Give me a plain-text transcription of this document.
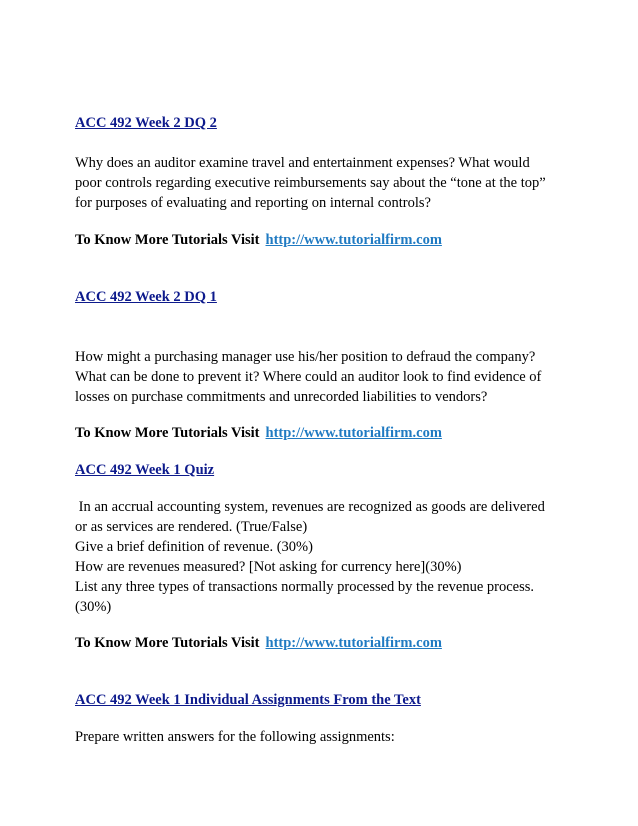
ACC 492 Week 2 DQ 2

Why does an auditor examine travel and entertainment expenses? What would

poor controls regarding executive reimbursements say about the “tone at the top”

for purposes of evaluating and reporting on internal controls?

To Know More Tutorials Visit http://www.tutorialfirm.com
ACC 492 Week 2 DQ 1

How might a purchasing manager use his/her position to defraud the company?

What can be done to prevent it? Where could an auditor look to find evidence of

losses on purchase commitments and unrecorded liabilities to vendors?

To Know More Tutorials Visit http://www.tutorialfirm.com
ACC 492 Week 1 Quiz

In an accrual accounting system, revenues are recognized as goods are delivered

or as services are rendered. (True/False)

Give a brief definition of revenue. (30%)

How are revenues measured? [Not asking for currency here](30%)

List any three types of transactions normally processed by the revenue process.

(30%)

To Know More Tutorials Visit http://www.tutorialfirm.com
ACC 492 Week 1 Individual Assignments From the Text

Prepare written answers for the following assignments:
